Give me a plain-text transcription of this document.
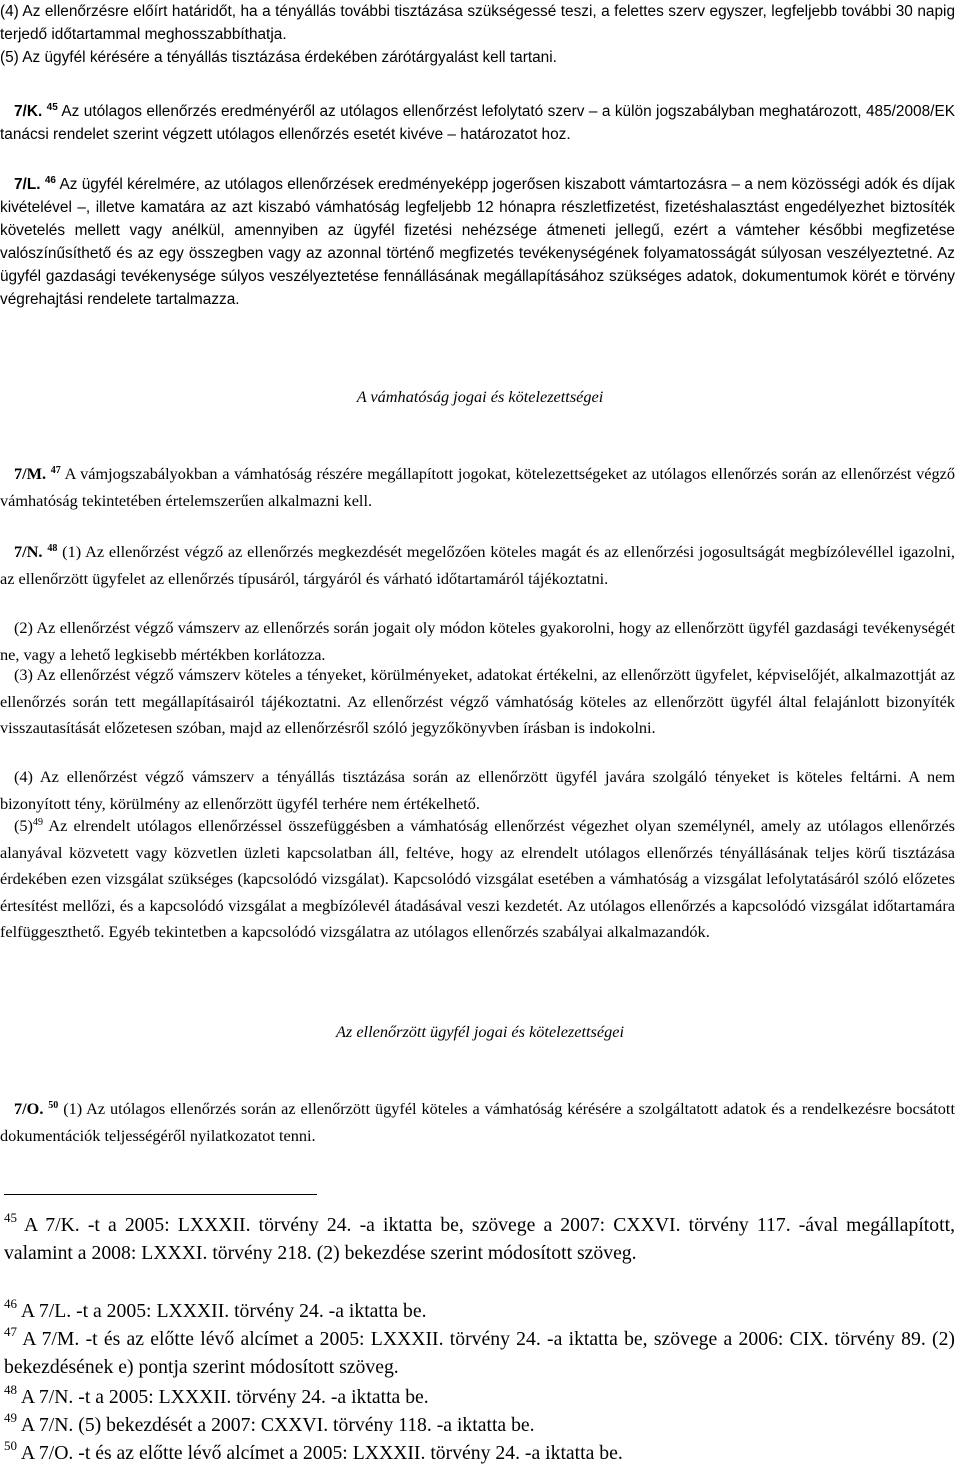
(4) Az ellenőrzésre előírt határidőt, ha a tényállás további tisztázása szükségessé teszi, a felettes szerv egyszer, legfeljebb további 30 napig terjedő időtartammal meghosszabbíthatja.
(5) Az ügyfél kérésére a tényállás tisztázása érdekében zárótárgyalást kell tartani.
7/K. $^{45}$ Az utólagos ellenőrzés eredményéről az utólagos ellenőrzést lefolytató szerv – a külön jogszabályban meghatározott, 485/2008/EK tanácsi rendelet szerint végzett utólagos ellenőrzés esetét kivéve – határozatot hoz.
7/L. $^{46}$ Az ügyfél kérelmére, az utólagos ellenőrzések eredményeképp jogerősen kiszabott vámtartozásra – a nem közösségi adók és díjak kivételével –, illetve kamatára az azt kiszabó vámhatóság legfeljebb 12 hónapra részletfizetést, fizetéshalasztást engedélyezhet biztosíték követelés mellett vagy anélkül, amennyiben az ügyfél fizetési nehézsége átmeneti jellegű, ezért a vámteher későbbi megfizetése valószínűsíthető és az egy összegben vagy az azonnal történő megfizetés tevékenységének folyamatosságát súlyosan veszélyeztetné. Az ügyfél gazdasági tevékenysége súlyos veszélyeztetése fennállásának megállapításához szükséges adatok, dokumentumok körét e törvény végrehajtási rendelete tartalmazza.
A vámhatóság jogai és kötelezettségei
7/M. $^{47}$ A vámjogszabályokban a vámhatóság részére megállapított jogokat, kötelezettségeket az utólagos ellenőrzés során az ellenőrzést végző vámhatóság tekintetében értelemszerűen alkalmazni kell.
7/N. $^{48}$ (1) Az ellenőrzést végző az ellenőrzés megkezdését megelőzően köteles magát és az ellenőrzési jogosultságát megbízólevéllel igazolni, az ellenőrzött ügyfelet az ellenőrzés típusáról, tárgyáról és várható időtartamáról tájékoztatni.
(2) Az ellenőrzést végző vámszerv az ellenőrzés során jogait oly módon köteles gyakorolni, hogy az ellenőrzött ügyfél gazdasági tevékenységét ne, vagy a lehető legkisebb mértékben korlátozza.
(3) Az ellenőrzést végző vámszerv köteles a tényeket, körülményeket, adatokat értékelni, az ellenőrzött ügyfelet, képviselőjét, alkalmazottját az ellenőrzés során tett megállapításairól tájékoztatni. Az ellenőrzést végző vámhatóság köteles az ellenőrzött ügyfél által felajánlott bizonyíték visszautasítását előzetesen szóban, majd az ellenőrzésről szóló jegyzőkönyvben írásban is indokolni.
(4) Az ellenőrzést végző vámszerv a tényállás tisztázása során az ellenőrzött ügyfél javára szolgáló tényeket is köteles feltárni. A nem bizonyított tény, körülmény az ellenőrzött ügyfél terhére nem értékelhető.
$(5)^{49}$ Az elrendelt utólagos ellenőrzéssel összefüggésben a vámhatóság ellenőrzést végezhet olyan személynél, amely az utólagos ellenőrzés alanyával közvetett vagy közvetlen üzleti kapcsolatban áll, feltéve, hogy az elrendelt utólagos ellenőrzés tényállásának teljes körű tisztázása érdekében ezen vizsgálat szükséges (kapcsolódó vizsgálat). Kapcsolódó vizsgálat esetében a vámhatóság a vizsgálat lefolytatásáról szóló előzetes értesítést mellőzi, és a kapcsolódó vizsgálat a megbízólevél átadásával veszi kezdetét. Az utólagos ellenőrzés a kapcsolódó vizsgálat időtartamára felfüggeszthető. Egyéb tekintetben a kapcsolódó vizsgálatra az utólagos ellenőrzés szabályai alkalmazandók.
Az ellenőrzött ügyfél jogai és kötelezettségei
7/O. $^{50}$ (1) Az utólagos ellenőrzés során az ellenőrzött ügyfél köteles a vámhatóság kérésére a szolgáltatott adatok és a rendelkezésre bocsátott dokumentációk teljességéről nyilatkozatot tenni.
$^{45}$ A 7/K. -t a 2005: LXXXII. törvény 24. -a iktatta be, szövege a 2007: CXXVI. törvény 117. -ával megállapított, valamint a 2008: LXXXI. törvény 218. (2) bekezdése szerint módosított szöveg.
$^{46}$ A 7/L. -t a 2005: LXXXII. törvény 24. -a iktatta be.
$^{47}$ A 7/M. -t és az előtte lévő alcímet a 2005: LXXXII. törvény 24. -a iktatta be, szövege a 2006: CIX. törvény 89. (2) bekezdésének e) pontja szerint módosított szöveg.
$^{48}$ A 7/N. -t a 2005: LXXXII. törvény 24. -a iktatta be.
$^{49}$ A 7/N. (5) bekezdését a 2007: CXXVI. törvény 118. -a iktatta be.
$^{50}$ A 7/O. -t és az előtte lévő alcímet a 2005: LXXXII. törvény 24. -a iktatta be.
